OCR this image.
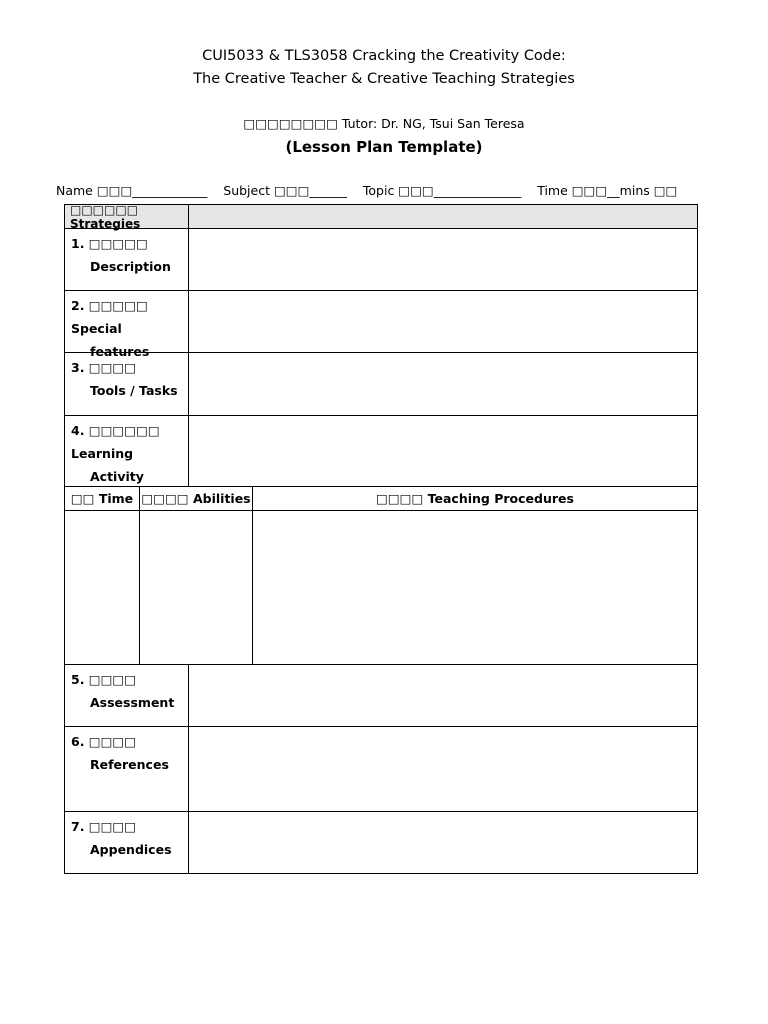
CUI5033 & TLS3058 Cracking the Creativity Code:
The Creative Teacher & Creative Teaching Strategies
□□□□□□□□ Tutor: Dr. NG, Tsui San Teresa
(Lesson Plan Template)
Name □□□____________ Subject □□□______ Topic □□□______________ Time □□□__mins □□
□□□□□□ Strategies
1. □□□□□
Description
2. □□□□□ Special
features
3. □□□□
Tools / Tasks
4. □□□□□□
Learning
Activity
□□ Time □□□□ Abilities	□□□□ Teaching Procedures
5. □□□□
Assessment
6. □□□□
References
7. □□□□
Appendices
